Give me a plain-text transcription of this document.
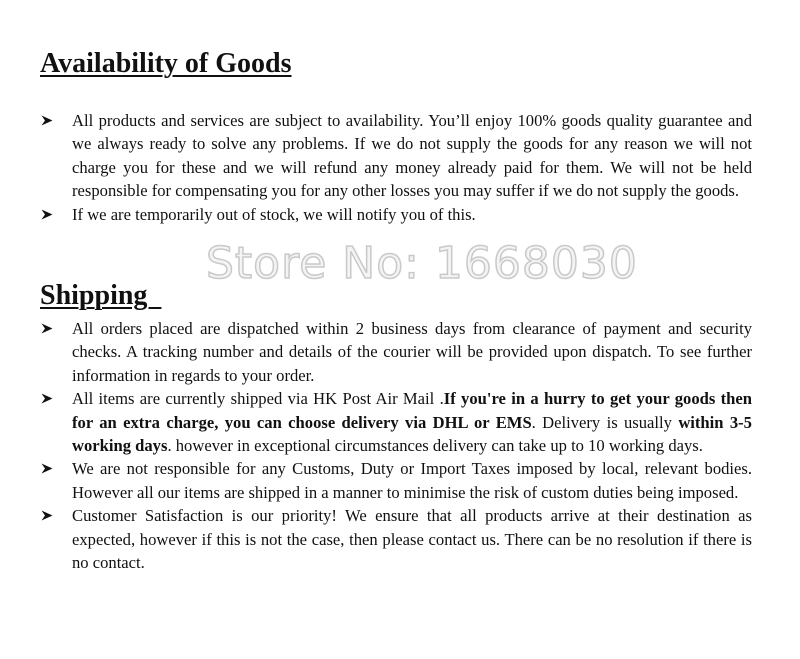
Availability of Goods
All products and services are subject to availability. You’ll enjoy 100% goods quality guarantee and we always ready to solve any problems. If we do not supply the goods for any reason we will not charge you for these and we will refund any money already paid for them. We will not be held responsible for compensating you for any other losses you may suffer if we do not supply the goods.
If we are temporarily out of stock, we will notify you of this.
Store No: 1668030
Shipping
All orders placed are dispatched within 2 business days from clearance of payment and security checks. A tracking number and details of the courier will be provided upon dispatch. To see further information in regards to your order.
All items are currently shipped via HK Post Air Mail .If you're in a hurry to get your goods then for an extra charge, you can choose delivery via DHL or EMS. Delivery is usually within 3-5 working days. however in exceptional circumstances delivery can take up to 10 working days.
We are not responsible for any Customs, Duty or Import Taxes imposed by local, relevant bodies. However all our items are shipped in a manner to minimise the risk of custom duties being imposed.
Customer Satisfaction is our priority! We ensure that all products arrive at their destination as expected, however if this is not the case, then please contact us. There can be no resolution if there is no contact.
